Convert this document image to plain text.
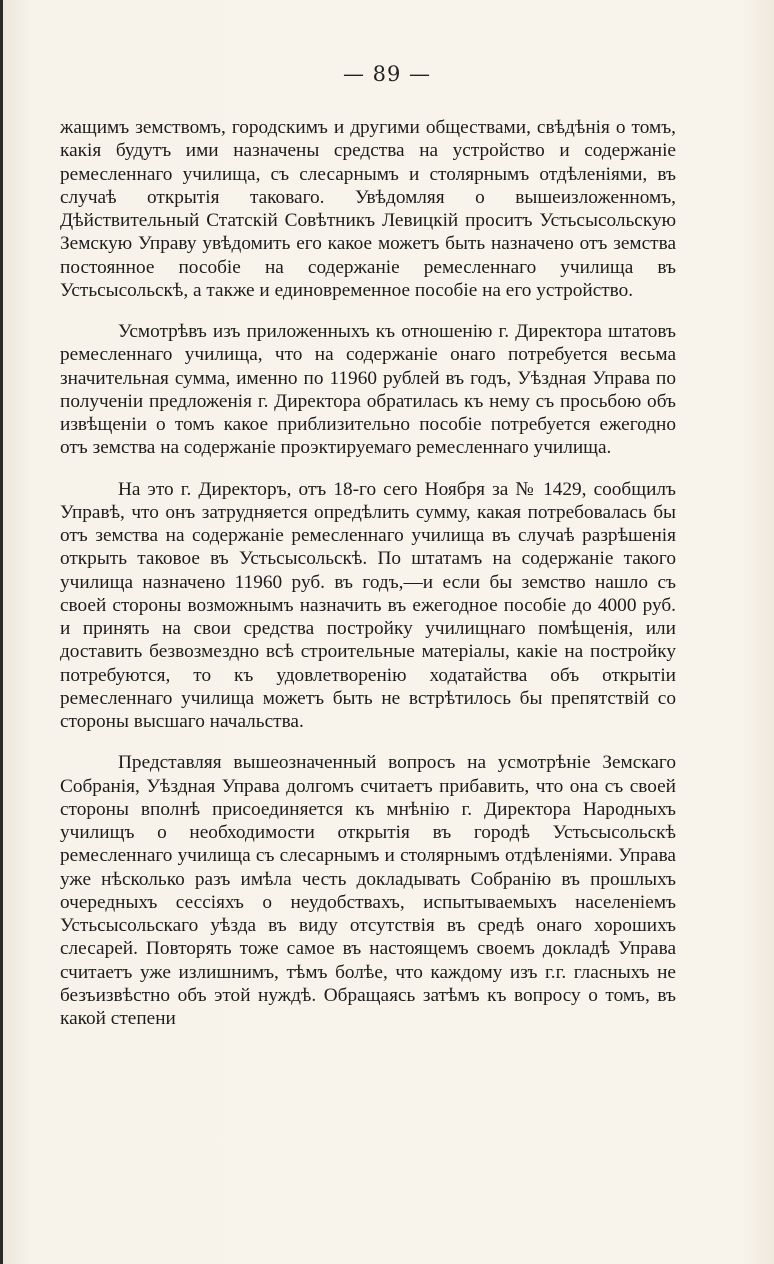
— 89 —

жащимъ земствомъ, городскимъ и другими обществами, свѣдѣнія о томъ, какія будутъ ими назначены средства на устройство и содержаніе ремесленнаго училища, съ слесарнымъ и столярнымъ отдѣленіями, въ случаѣ открытія таковаго. Увѣдомляя о вышеизложенномъ, Дѣйствительный Статскій Совѣтникъ Левицкій проситъ Устьсысольскую Земскую Управу увѣдомить его какое можетъ быть назначено отъ земства постоянное пособіе на содержаніе ремесленнаго училища въ Устьсысольскѣ, а также и единовременное пособіе на его устройство.

Усмотрѣвъ изъ приложенныхъ къ отношенію г. Директора штатовъ ремесленнаго училища, что на содержаніе онаго потребуется весьма значительная сумма, именно по 11960 рублей въ годъ, Уѣздная Управа по полученіи предложенія г. Директора обратилась къ нему съ просьбою объ извѣщеніи о томъ какое приблизительно пособіе потребуется ежегодно отъ земства на содержаніе проэктируемаго ремесленнаго училища.

На это г. Директоръ, отъ 18-го сего Ноября за № 1429, сообщилъ Управѣ, что онъ затрудняется опредѣлить сумму, какая потребовалась бы отъ земства на содержаніе ремесленнаго училища въ случаѣ разрѣшенія открыть таковое въ Устьсысольскѣ. По штатамъ на содержаніе такого училища назначено 11960 руб. въ годъ,—и если бы земство нашло съ своей стороны возможнымъ назначить въ ежегодное пособіе до 4000 руб. и принять на свои средства постройку училищнаго помѣщенія, или доставить безвозмездно всѣ строительные матеріалы, какіе на постройку потребуются, то къ удовлетворенію ходатайства объ открытіи ремесленнаго училища можетъ быть не встрѣтилось бы препятствій со стороны высшаго начальства.

Представляя вышеозначенный вопросъ на усмотрѣніе Земскаго Собранія, Уѣздная Управа долгомъ считаетъ прибавить, что она съ своей стороны вполнѣ присоединяется къ мнѣнію г. Директора Народныхъ училищъ о необходимости открытія въ городѣ Устьсысольскѣ ремесленнаго училища съ слесарнымъ и столярнымъ отдѣленіями. Управа уже нѣсколько разъ имѣла честь докладывать Собранію въ прошлыхъ очередныхъ сессіяхъ о неудобствахъ, испытываемыхъ населеніемъ Устьсысольскаго уѣзда въ виду отсутствія въ средѣ онаго хорошихъ слесарей. Повторять тоже самое въ настоящемъ своемъ докладѣ Управа считаетъ уже излишнимъ, тѣмъ болѣе, что каждому изъ г.г. гласныхъ не безъизвѣстно объ этой нуждѣ. Обращаясь затѣмъ къ вопросу о томъ, въ какой степени
